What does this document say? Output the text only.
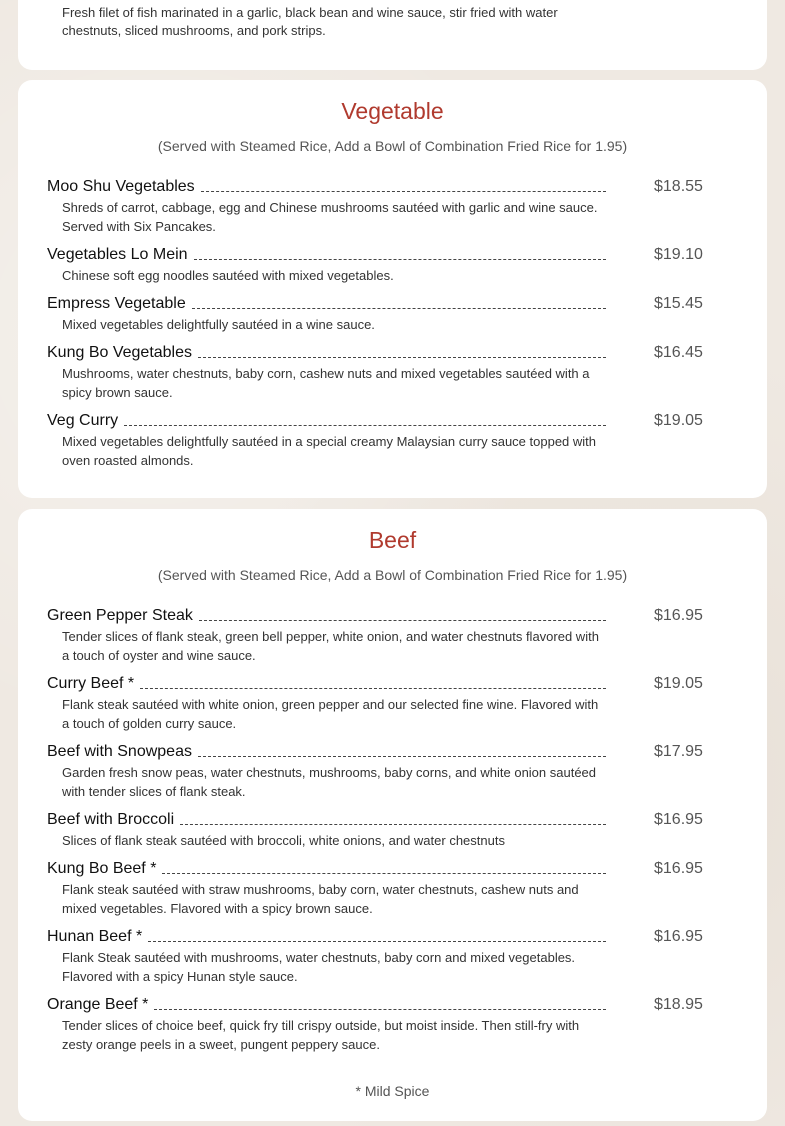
Fresh filet of fish marinated in a garlic, black bean and wine sauce, stir fried with water chestnuts, sliced mushrooms, and pork strips.
Vegetable
(Served with Steamed Rice, Add a Bowl of Combination Fried Rice for 1.95)
Moo Shu Vegetables	$18.55
Shreds of carrot, cabbage, egg and Chinese mushrooms sautéed with garlic and wine sauce. Served with Six Pancakes.
Vegetables Lo Mein	$19.10
Chinese soft egg noodles sautéed with mixed vegetables.
Empress Vegetable	$15.45
Mixed vegetables delightfully sautéed in a wine sauce.
Kung Bo Vegetables	$16.45
Mushrooms, water chestnuts, baby corn, cashew nuts and mixed vegetables sautéed with a spicy brown sauce.
Veg Curry	$19.05
Mixed vegetables delightfully sautéed in a special creamy Malaysian curry sauce topped with oven roasted almonds.
Beef
(Served with Steamed Rice, Add a Bowl of Combination Fried Rice for 1.95)
Green Pepper Steak	$16.95
Tender slices of flank steak, green bell pepper, white onion, and water chestnuts flavored with a touch of oyster and wine sauce.
Curry Beef *	$19.05
Flank steak sautéed with white onion, green pepper and our selected fine wine. Flavored with a touch of golden curry sauce.
Beef with Snowpeas	$17.95
Garden fresh snow peas, water chestnuts, mushrooms, baby corns, and white onion sautéed with tender slices of flank steak.
Beef with Broccoli	$16.95
Slices of flank steak sautéed with broccoli, white onions, and water chestnuts
Kung Bo Beef *	$16.95
Flank steak sautéed with straw mushrooms, baby corn, water chestnuts, cashew nuts and mixed vegetables. Flavored with a spicy brown sauce.
Hunan Beef *	$16.95
Flank Steak sautéed with mushrooms, water chestnuts, baby corn and mixed vegetables. Flavored with a spicy Hunan style sauce.
Orange Beef *	$18.95
Tender slices of choice beef, quick fry till crispy outside, but moist inside. Then still-fry with zesty orange peels in a sweet, pungent peppery sauce.
* Mild Spice
